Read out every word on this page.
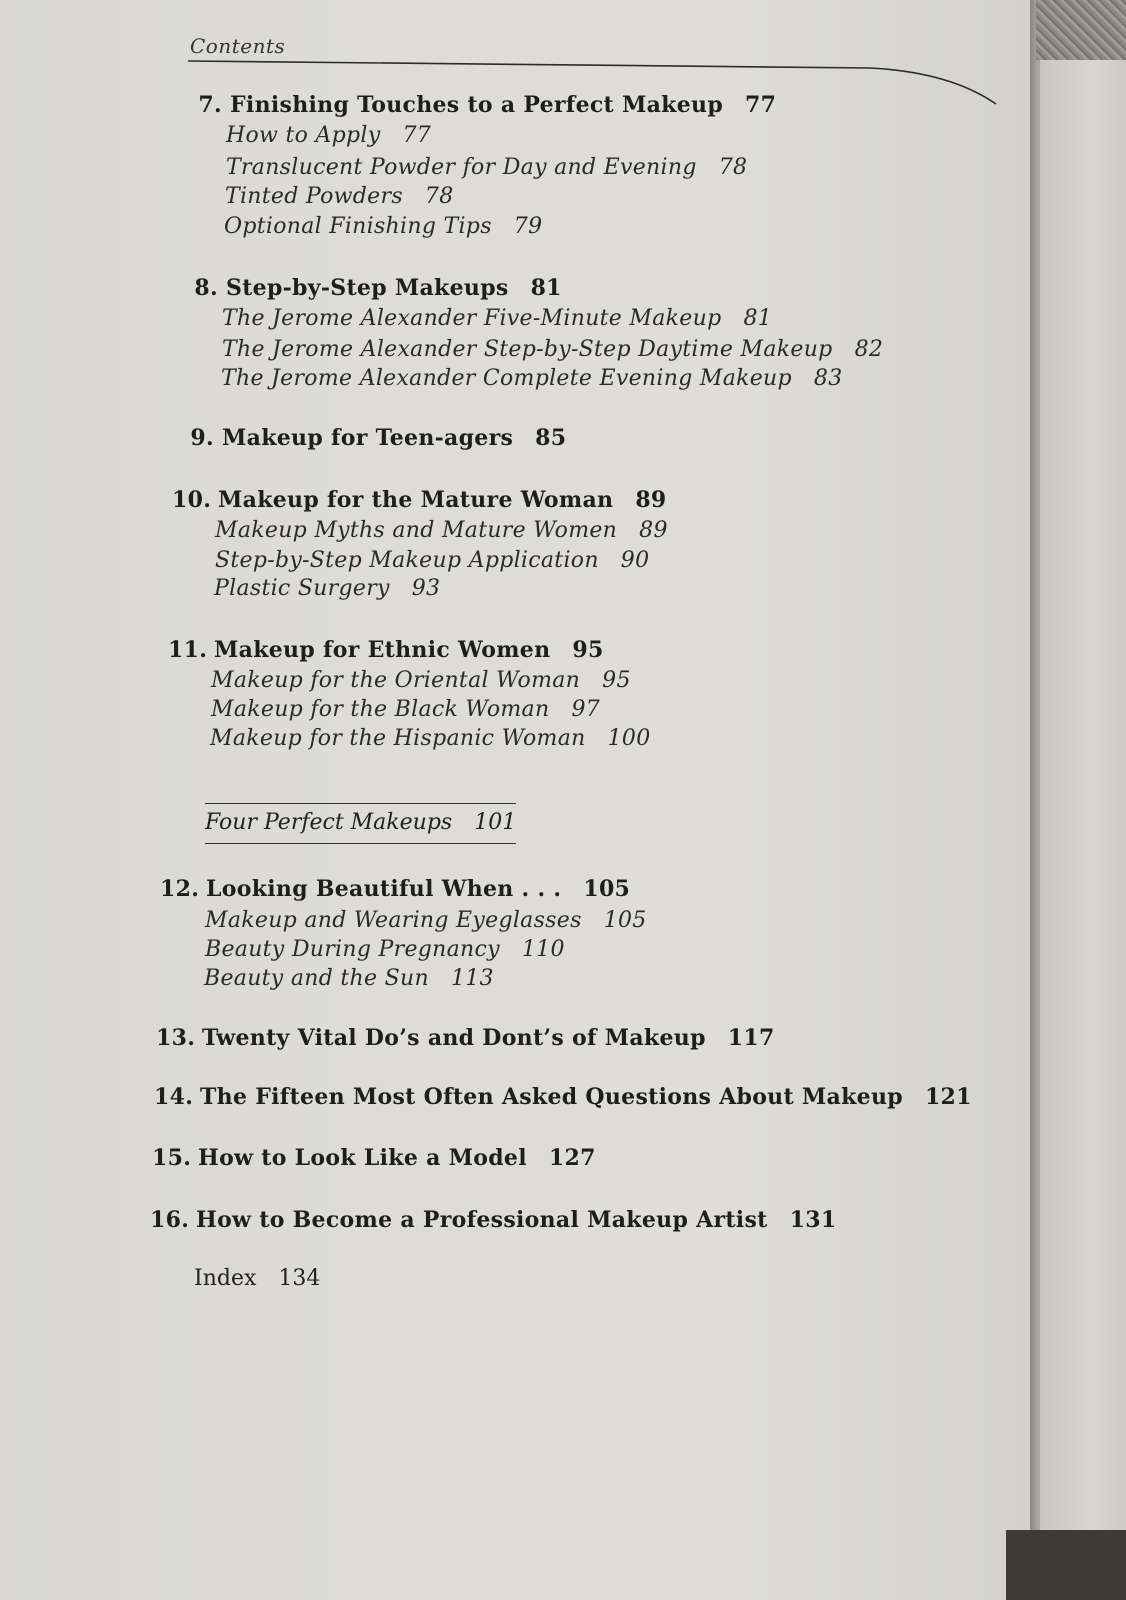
Contents
7. Finishing Touches to a Perfect Makeup 77
How to Apply 77
Translucent Powder for Day and Evening 78
Tinted Powders 78
Optional Finishing Tips 79
8. Step-by-Step Makeups 81
The Jerome Alexander Five-Minute Makeup 81
The Jerome Alexander Step-by-Step Daytime Makeup 82
The Jerome Alexander Complete Evening Makeup 83
9. Makeup for Teen-agers 85
10. Makeup for the Mature Woman 89
Makeup Myths and Mature Women 89
Step-by-Step Makeup Application 90
Plastic Surgery 93
11. Makeup for Ethnic Women 95
Makeup for the Oriental Woman 95
Makeup for the Black Woman 97
Makeup for the Hispanic Woman 100
Four Perfect Makeups 101
12. Looking Beautiful When . . . 105
Makeup and Wearing Eyeglasses 105
Beauty During Pregnancy 110
Beauty and the Sun 113
13. Twenty Vital Do’s and Dont’s of Makeup 117
14. The Fifteen Most Often Asked Questions About Makeup 121
15. How to Look Like a Model 127
16. How to Become a Professional Makeup Artist 131
Index 134
